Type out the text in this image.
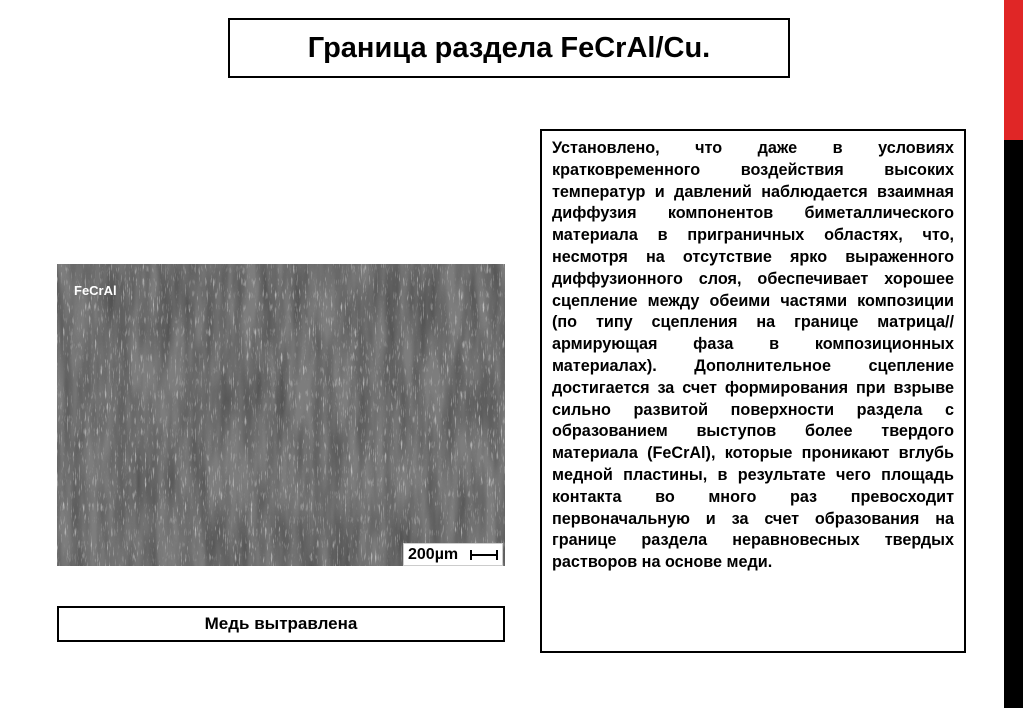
Граница раздела FeCrAl/Cu.
FeCrAl
200µm
Медь вытравлена

Установлено, что даже в условиях кратковременного воздействия высоких температур и давлений наблюдается взаимная диффузия компонентов биметаллического материала в приграничных областях, что, несмотря на отсутствие ярко выраженного диффузионного слоя, обеспечивает хорошее сцепление между обеими частями композиции (по типу сцепления на границе матрица//армирующая фаза в композиционных материалах). Дополнительное сцепление достигается за счет формирования при взрыве сильно развитой поверхности раздела с образованием выступов более твердого материала (FeCrAl), которые проникают вглубь медной пластины, в результате чего площадь контакта во много раз превосходит первоначальную и за счет образования на границе раздела неравновесных твердых растворов на основе меди.
